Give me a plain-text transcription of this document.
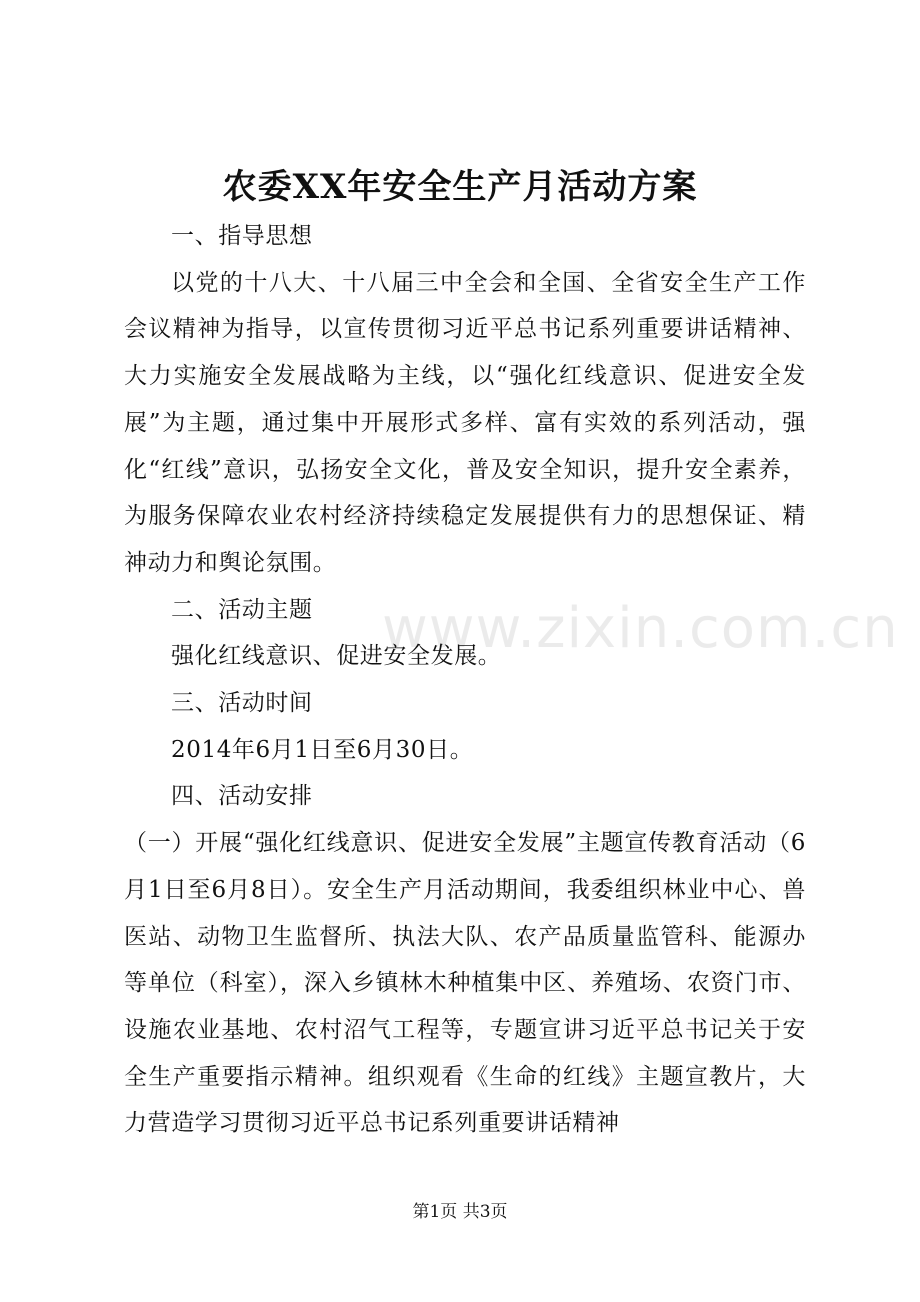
农委XX年安全生产月活动方案

一、指导思想

以党的十八大、十八届三中全会和全国、全省安全生产工作会议精神为指导，以宣传贯彻习近平总书记系列重要讲话精神、大力实施安全发展战略为主线，以“强化红线意识、促进安全发展”为主题，通过集中开展形式多样、富有实效的系列活动，强化“红线”意识，弘扬安全文化，普及安全知识，提升安全素养，为服务保障农业农村经济持续稳定发展提供有力的思想保证、精神动力和舆论氛围。

二、活动主题

强化红线意识、促进安全发展。

三、活动时间

2014年6月1日至6月30日。

四、活动安排

（一）开展“强化红线意识、促进安全发展”主题宣传教育活动（6月1日至6月8日）。安全生产月活动期间，我委组织林业中心、兽医站、动物卫生监督所、执法大队、农产品质量监管科、能源办等单位（科室），深入乡镇林木种植集中区、养殖场、农资门市、设施农业基地、农村沼气工程等，专题宣讲习近平总书记关于安全生产重要指示精神。组织观看《生命的红线》主题宣教片，大力营造学习贯彻习近平总书记系列重要讲话精神

www.zixin.com.cn

第1页 共3页
